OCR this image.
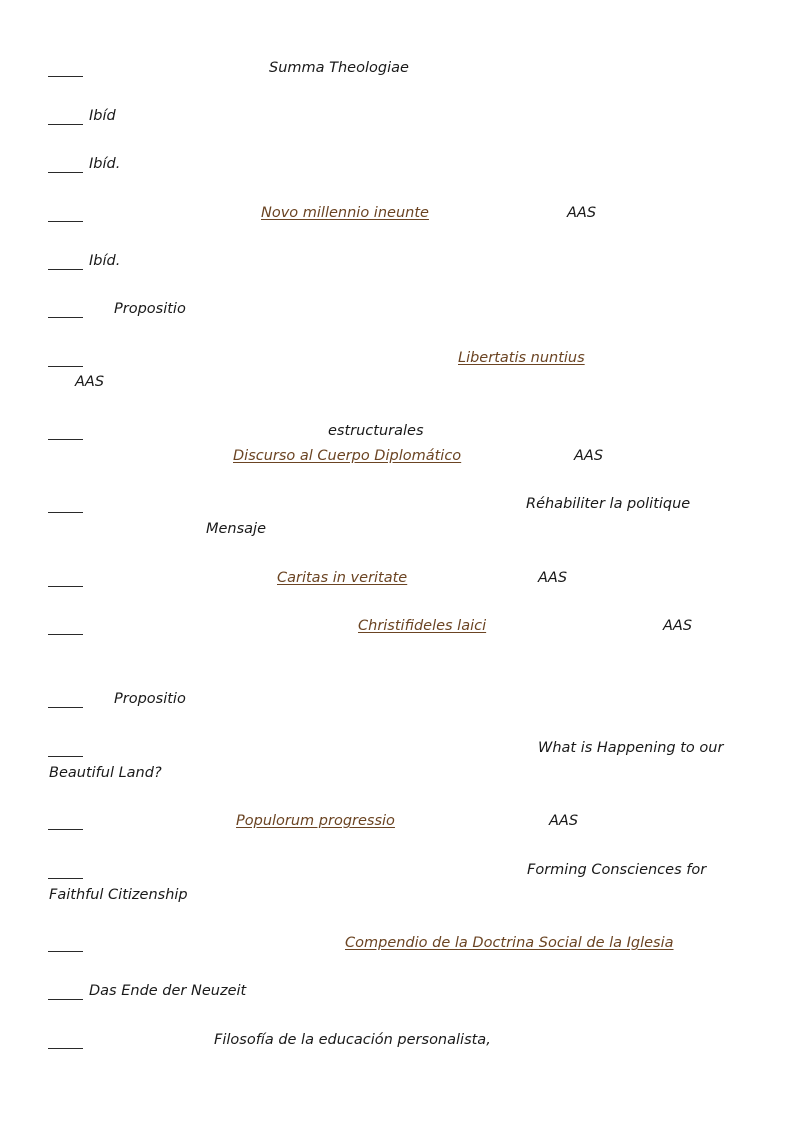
Summa Theologiae
Ibíd
Ibíd.
Novo millennio ineunte	AAS
Ibíd.
Propositio
Libertatis nuntius
AAS
estructurales
Discurso al Cuerpo Diplomático	AAS
Réhabiliter la politique
Mensaje
Caritas in veritate	AAS
Christifideles laici	AAS
Propositio
What is Happening to our
Beautiful Land?
Populorum progressio	AAS
Forming Consciences for
Faithful Citizenship
Compendio de la Doctrina Social de la Iglesia
Das Ende der Neuzeit
Filosofía de la educación personalista,
